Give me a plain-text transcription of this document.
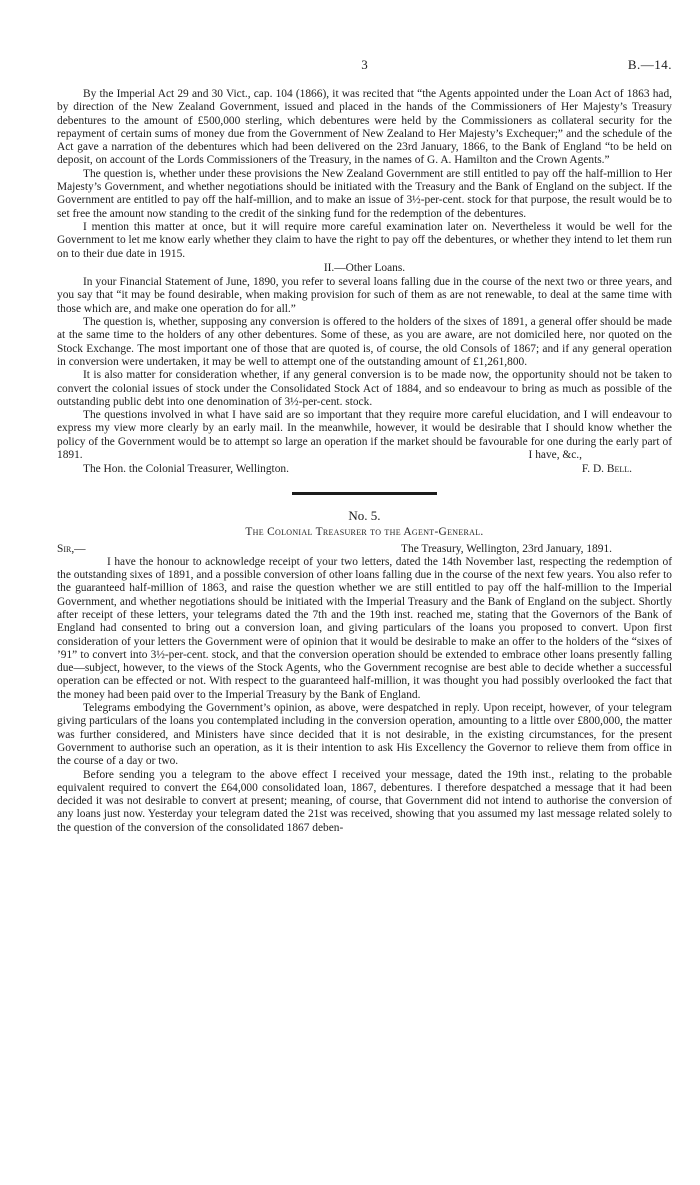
3	B.—14.

By the Imperial Act 29 and 30 Vict., cap. 104 (1866), it was recited that “the Agents appointed under the Loan Act of 1863 had, by direction of the New Zealand Government, issued and placed in the hands of the Commissioners of Her Majesty’s Treasury debentures to the amount of £500,000 sterling, which debentures were held by the Commissioners as collateral security for the repayment of certain sums of money due from the Government of New Zealand to Her Majesty’s Exchequer;” and the schedule of the Act gave a narration of the debentures which had been delivered on the 23rd January, 1866, to the Bank of England “to be held on deposit, on account of the Lords Commissioners of the Treasury, in the names of G. A. Hamilton and the Crown Agents.”

The question is, whether under these provisions the New Zealand Government are still entitled to pay off the half-million to Her Majesty’s Government, and whether negotiations should be initiated with the Treasury and the Bank of England on the subject. If the Government are entitled to pay off the half-million, and to make an issue of 3½-per-cent. stock for that purpose, the result would be to set free the amount now standing to the credit of the sinking fund for the redemption of the debentures.

I mention this matter at once, but it will require more careful examination later on. Nevertheless it would be well for the Government to let me know early whether they claim to have the right to pay off the debentures, or whether they intend to let them run on to their due date in 1915.

II.—Other Loans.

In your Financial Statement of June, 1890, you refer to several loans falling due in the course of the next two or three years, and you say that “it may be found desirable, when making provision for such of them as are not renewable, to deal at the same time with those which are, and make one operation do for all.”

The question is, whether, supposing any conversion is offered to the holders of the sixes of 1891, a general offer should be made at the same time to the holders of any other debentures. Some of these, as you are aware, are not domiciled here, nor quoted on the Stock Exchange. The most important one of those that are quoted is, of course, the old Consols of 1867; and if any general operation in conversion were undertaken, it may be well to attempt one of the outstanding amount of £1,261,800.

It is also matter for consideration whether, if any general conversion is to be made now, the opportunity should not be taken to convert the colonial issues of stock under the Consolidated Stock Act of 1884, and so endeavour to bring as much as possible of the outstanding public debt into one denomination of 3½-per-cent. stock.

The questions involved in what I have said are so important that they require more careful elucidation, and I will endeavour to express my view more clearly by an early mail. In the meanwhile, however, it would be desirable that I should know whether the policy of the Government would be to attempt so large an operation if the market should be favourable for one during the early part of 1891.	I have, &c.,
The Hon. the Colonial Treasurer, Wellington.	F. D. Bell.
No. 5.
The Colonial Treasurer to the Agent-General.
Sir,—	The Treasury, Wellington, 23rd January, 1891.

I have the honour to acknowledge receipt of your two letters, dated the 14th November last, respecting the redemption of the outstanding sixes of 1891, and a possible conversion of other loans falling due in the course of the next few years. You also refer to the guaranteed half-million of 1863, and raise the question whether we are still entitled to pay off the half-million to the Imperial Government, and whether negotiations should be initiated with the Imperial Treasury and the Bank of England on the subject. Shortly after receipt of these letters, your telegrams dated the 7th and the 19th inst. reached me, stating that the Governors of the Bank of England had consented to bring out a conversion loan, and giving particulars of the loans you proposed to convert. Upon first consideration of your letters the Government were of opinion that it would be desirable to make an offer to the holders of the “sixes of ’91” to convert into 3½-per-cent. stock, and that the conversion operation should be extended to embrace other loans presently falling due—subject, however, to the views of the Stock Agents, who the Government recognise are best able to decide whether a successful operation can be effected or not. With respect to the guaranteed half-million, it was thought you had possibly overlooked the fact that the money had been paid over to the Imperial Treasury by the Bank of England.

Telegrams embodying the Government’s opinion, as above, were despatched in reply. Upon receipt, however, of your telegram giving particulars of the loans you contemplated including in the conversion operation, amounting to a little over £800,000, the matter was further considered, and Ministers have since decided that it is not desirable, in the existing circumstances, for the present Government to authorise such an operation, as it is their intention to ask His Excellency the Governor to relieve them from office in the course of a day or two.

Before sending you a telegram to the above effect I received your message, dated the 19th inst., relating to the probable equivalent required to convert the £64,000 consolidated loan, 1867, debentures. I therefore despatched a message that it had been decided it was not desirable to convert at present; meaning, of course, that Government did not intend to authorise the conversion of any loans just now. Yesterday your telegram dated the 21st was received, showing that you assumed my last message related solely to the question of the conversion of the consolidated 1867 deben-
